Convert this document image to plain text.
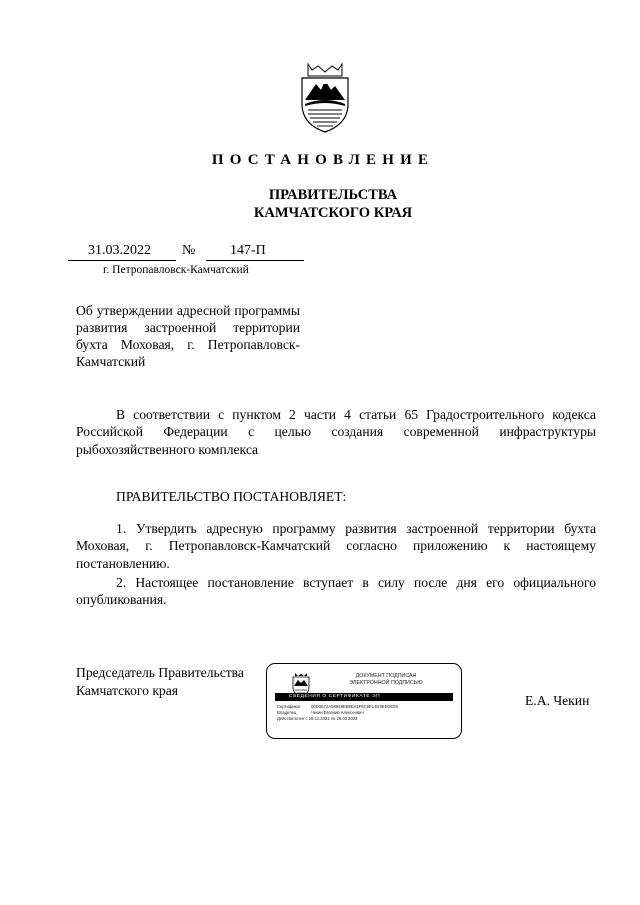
ПОСТАНОВЛЕНИЕ
ПРАВИТЕЛЬСТВА
КАМЧАТСКОГО КРАЯ
31.03.2022 № 147-П
г. Петропавловск-Камчатский
Об утверждении адресной программы развития застроенной территории бухта Моховая, г. Петропавловск-Камчатский
В соответствии с пунктом 2 части 4 статьи 65 Градостроительного кодекса Российской Федерации с целью создания современной инфраструктуры рыбохозяйственного комплекса
ПРАВИТЕЛЬСТВО ПОСТАНОВЛЯЕТ:
1. Утвердить адресную программу развития застроенной территории бухта Моховая, г. Петропавловск-Камчатский согласно приложению к настоящему постановлению.
2. Настоящее постановление вступает в силу после дня его официального опубликования.
Председатель Правительства
Камчатского края
ДОКУМЕНТ ПОДПИСАН
ЭЛЕКТРОННОЙ ПОДПИСЬЮ
СВЕДЕНИЯ О СЕРТИФИКАТЕ ЭП
Сертификат 00D0E72A56948EB8EA1F6C9E14D3EEDE58
Владелец	Чекин Евгений Алексеевич
Действителен с 29.12.2021 по 29.03.2023
Е.А. Чекин
